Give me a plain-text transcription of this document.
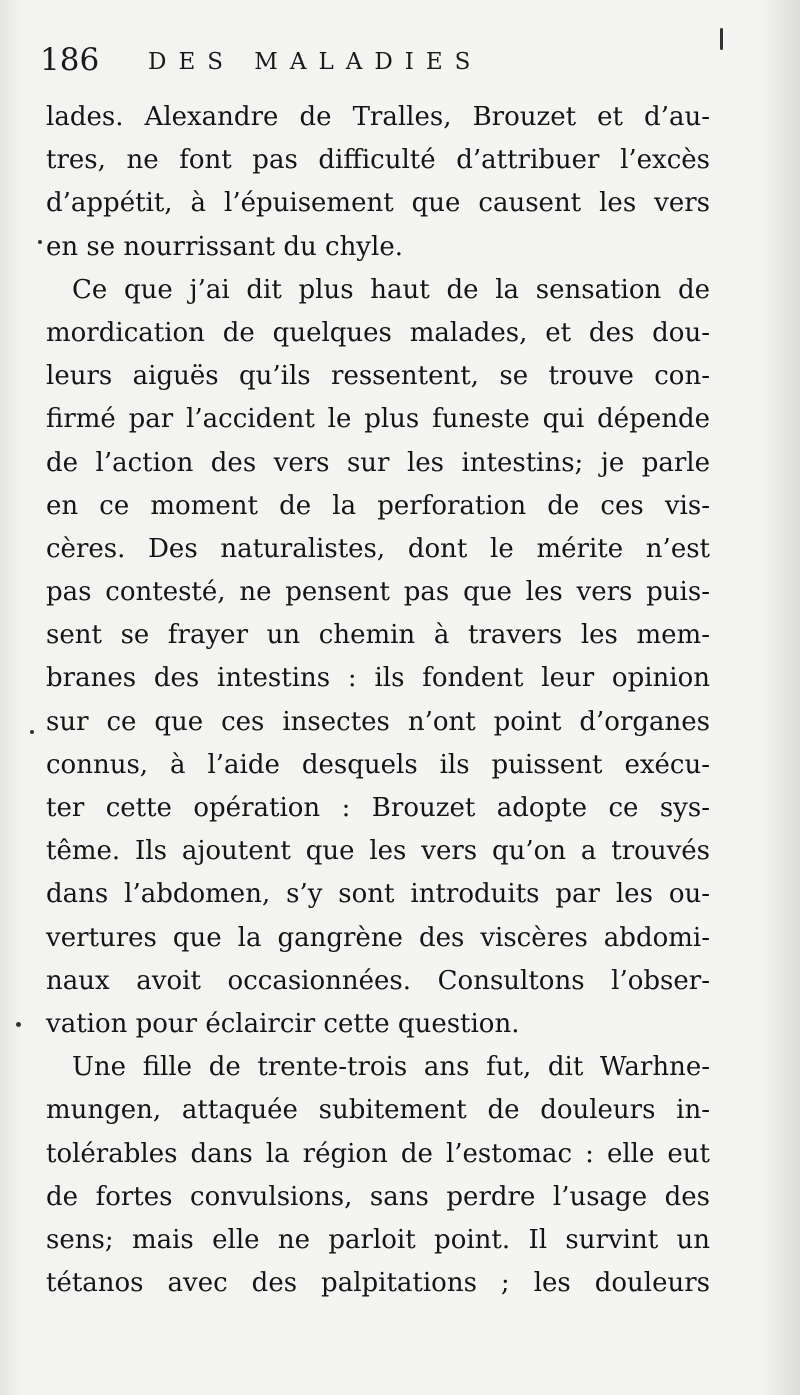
186 DES MALADIES
lades. Alexandre de Tralles, Brouzet et d’au-
tres, ne font pas difficulté d’attribuer l’excès
d’appétit, à l’épuisement que causent les vers
en se nourrissant du chyle.
Ce que j’ai dit plus haut de la sensation de
mordication de quelques malades, et des dou-
leurs aiguës qu’ils ressentent, se trouve con-
firmé par l’accident le plus funeste qui dépende
de l’action des vers sur les intestins; je parle
en ce moment de la perforation de ces vis-
cères. Des naturalistes, dont le mérite n’est
pas contesté, ne pensent pas que les vers puis-
sent se frayer un chemin à travers les mem-
branes des intestins : ils fondent leur opinion
sur ce que ces insectes n’ont point d’organes
connus, à l’aide desquels ils puissent exécu-
ter cette opération : Brouzet adopte ce sys-
tême. Ils ajoutent que les vers qu’on a trouvés
dans l’abdomen, s’y sont introduits par les ou-
vertures que la gangrène des viscères abdomi-
naux avoit occasionnées. Consultons l’obser-
vation pour éclaircir cette question.
Une fille de trente-trois ans fut, dit Warhne-
mungen, attaquée subitement de douleurs in-
tolérables dans la région de l’estomac : elle eut
de fortes convulsions, sans perdre l’usage des
sens; mais elle ne parloit point. Il survint un
tétanos avec des palpitations ; les douleurs
